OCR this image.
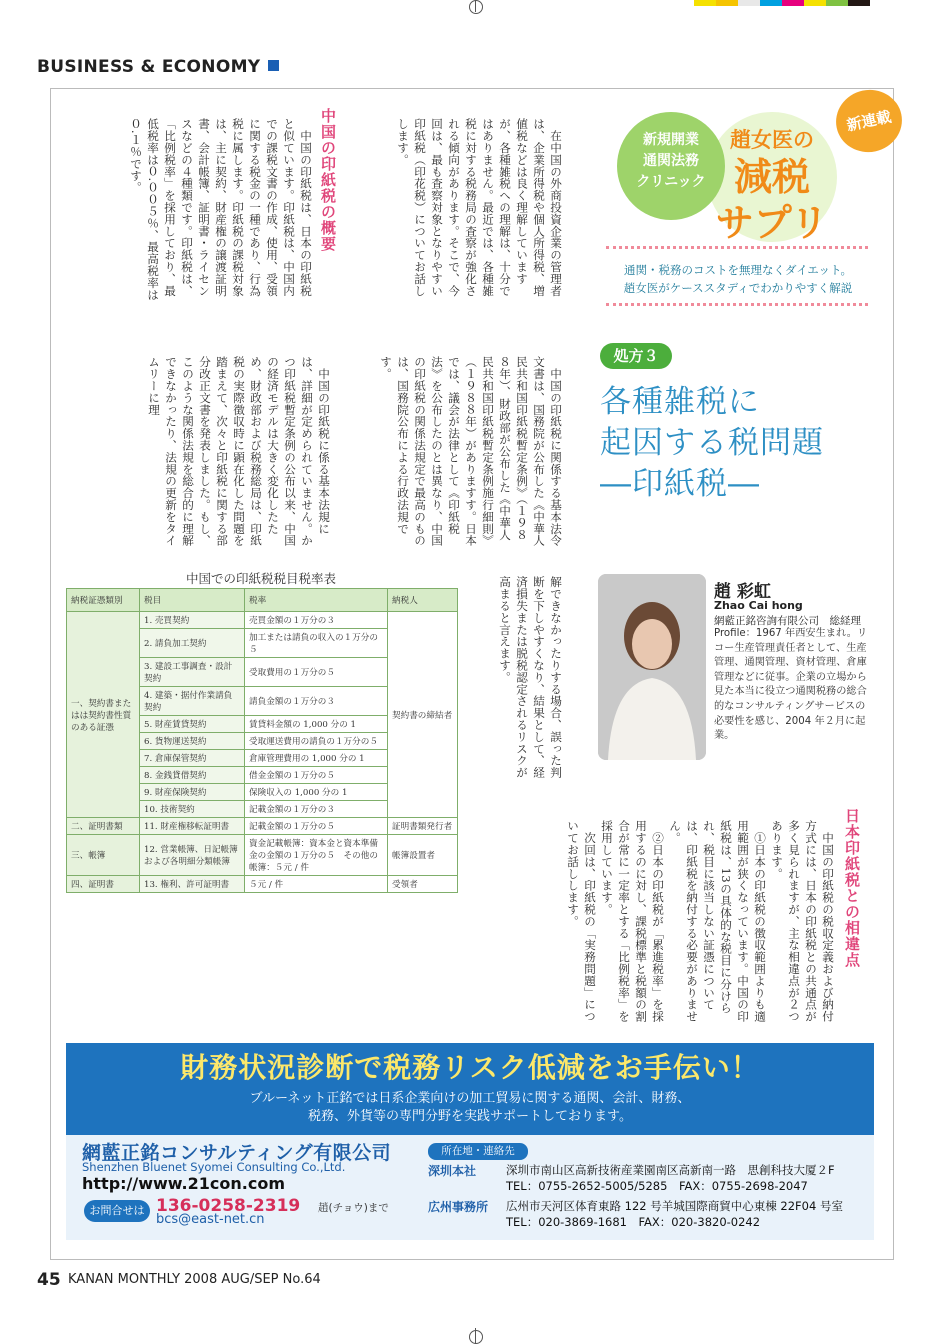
BUSINESS & ECONOMY
新規開業
通関法務
クリニック
趙女医の
減税
サプリ
新連載
通関・税務のコストを無理なくダイエット。
趙女医がケーススタディでわかりやすく解説
処方３
各種雑税に
起因する税問題
―印紙税―
趙 彩虹
Zhao Cai hong
網藍正銘咨詢有限公司　総経理
Profile：1967 年西安生まれ。リコー生産管理責任者として、生産管理、通関管理、資材管理、倉庫管理などに従事。企業の立場から見た本当に役立つ通関税務の総合的なコンサルティングサービスの必要性を感じ、2004 年２月に起業。
　在中国の外商投資企業の管理者は、企業所得税や個人所得税、増値税などは良く理解していますが、各種雑税への理解は、十分ではありません。最近では、各種雑税に対する税務局の査察が強化される傾向があります。そこで、今回は、最も査察対象となりやすい印紙税（印花税）についてお話しします。
中国の印紙税の概要
　中国の印紙税は、日本の印紙税と似ています。印紙税は、中国内での課税文書の作成、使用、受領に関する税金の一種であり、行為税に属します。印紙税の課税対象は、主に契約、財産権の譲渡証明書、会計帳簿、証明書・ライセンスなどの４種類です。印紙税は、「比例税率」を採用しており、最低税率は０.００５％、最高税率は０.１％です。
　中国の印紙税に関係する基本法令文書は、国務院が公布した《中華人民共和国印紙税暫定条例》（１９８８年）、財政部が公布した《中華人民共和国印紙税暫定条例施行細則》（１９８８年）がありますす。日本では、議会が法律として《印紙税法》を公布したのとは異なり、中国の印紙税の関係法規定で最高のものは、国務院公布による行政法規です。
　中国の印紙税に係る基本法規には、詳細が定められていません。かつ印紙税暫定条例の公布以来、中国の経済モデルは大きく変化したため、財政部および税務総局は、印紙税の実際徴収時に顕在化した問題を踏まえて、次々と印紙税に関する部分改正文書を発表しました。もし、このような関係法規を総合的に理解できなかったり、法規の更新をタイムリーに理
解できなかったりする場合、誤った判断を下しやすくなり、結果として、経済損失または脱税認定されるリスクが高まると言えます。
日本印紙税との相違点
　中国の印紙税の税収定義および納付方式には、日本の印紙税との共通点が多く見られますが、主な相違点が２つあります。
　①日本の印紙税の徴収範囲よりも適用範囲が狭くなっています。中国の印紙税は、13の具体的な税目に分けられ、税目に該当しない証憑については、印紙税を納付する必要がありません。
　②日本の印紙税が「累進税率」を採用するのに対し、課税標準と税額の割合が常に一定率とする「比例税率」を採用しています。
　次回は、印紙税の「実務問題」についてお話しします。
中国での印紙税税目税率表
納税証憑類別	税目	税率	納税人
一、契約書またはは契約書性質のある証憑	1. 売買契約	売買金額の１万分の３	契約書の締結者
	2. 請負加工契約	加工または請負の収入の１万分の５	
	3. 建設工事調査・設計契約	受取費用の１万分の５	
	4. 建築・据付作業請負契約	請負金額の１万分の３	
	5. 財産賃貸契約	賃貸料金額の 1,000 分の 1	
	6. 貨物運送契約	受取運送費用の請負の１万分の５	
	7. 倉庫保管契約	倉庫管理費用の 1,000 分の 1	
	8. 金銭貸借契約	借金金額の１万分の５	
	9. 財産保険契約	保険収入の 1,000 分の 1	
	10. 技術契約	記載金額の１万分の３	
二、証明書類	11. 財産権移転証明書	記載金額の１万分の５	証明書類発行者
三、帳簿	12. 営業帳簿、日記帳簿および各明細分類帳簿	資金記載帳簿：資本金と資本準備金の金額の１万分の５　その他の帳簿：５元 / 件	帳簿設置者
四、証明書	13. 権利、許可証明書	５元 / 件	受領者
財務状況診断で税務リスク低減をお手伝い！
ブルーネット正銘では日系企業向けの加工貿易に関する通関、会計、財務、
税務、外貨等の専門分野を実践サポートしております。
網藍正銘コンサルティング有限公司
Shenzhen Bluenet Syomei Consulting Co.,Ltd.
http://www.21con.com
お問合せは 136-0258-2319 趙(チョウ)まで
bcs@east-net.cn
所在地・連絡先
深圳本社	深圳市南山区高新技術産業園南区高新南一路　思創科技大厦２F
TEL：0755-2652-5005/5285　FAX：0755-2698-2047
広州事務所 広州市天河区体育東路 122 号羊城国際商貿中心東棟 22F04 号室
TEL：020-3869-1681　FAX：020-3820-0242
45 KANAN MONTHLY 2008 AUG/SEP No.64
